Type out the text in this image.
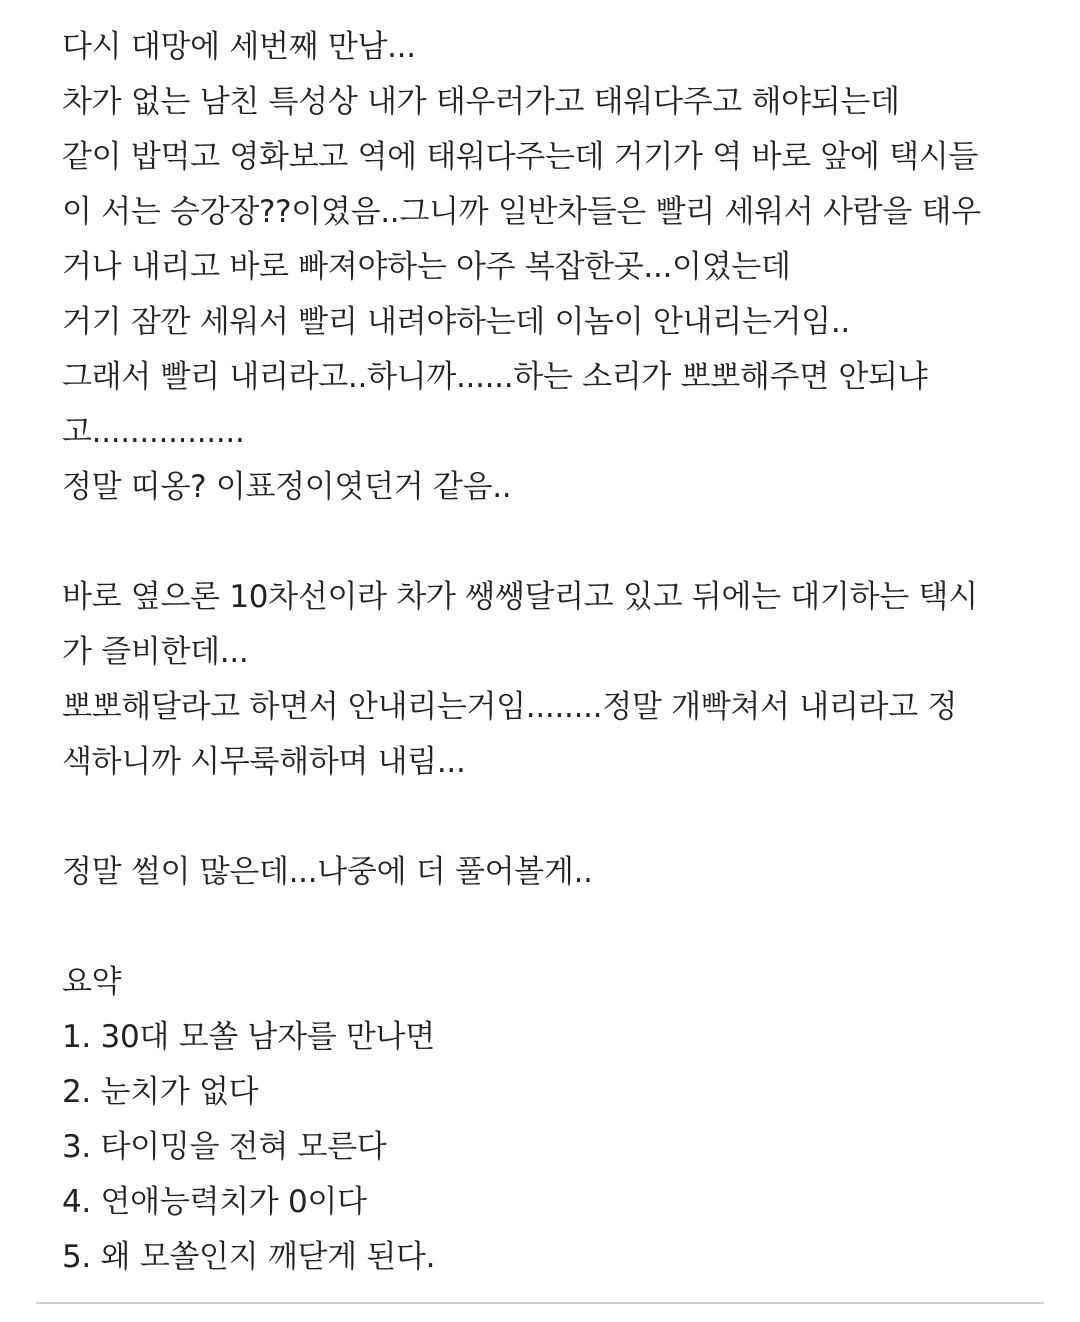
다시 대망에 세번째 만남...
차가 없는 남친 특성상 내가 태우러가고 태워다주고 해야되는데
같이 밥먹고 영화보고 역에 태워다주는데 거기가 역 바로 앞에 택시들
이 서는 승강장??이였음..그니까 일반차들은 빨리 세워서 사람을 태우
거나 내리고 바로 빠져야하는 아주 복잡한곳...이였는데
거기 잠깐 세워서 빨리 내려야하는데 이놈이 안내리는거임..
그래서 빨리 내리라고..하니까......하는 소리가 뽀뽀해주면 안되냐
고................
정말 띠옹? 이표정이엿던거 같음..
바로 옆으론 10차선이라 차가 쌩쌩달리고 있고 뒤에는 대기하는 택시
가 즐비한데...
뽀뽀해달라고 하면서 안내리는거임........정말 개빡쳐서 내리라고 정
색하니까 시무룩해하며 내림...
정말 썰이 많은데...나중에 더 풀어볼게..
요약
1. 30대 모쏠 남자를 만나면
2. 눈치가 없다
3. 타이밍을 전혀 모른다
4. 연애능력치가 0이다
5. 왜 모쏠인지 깨닫게 된다.
